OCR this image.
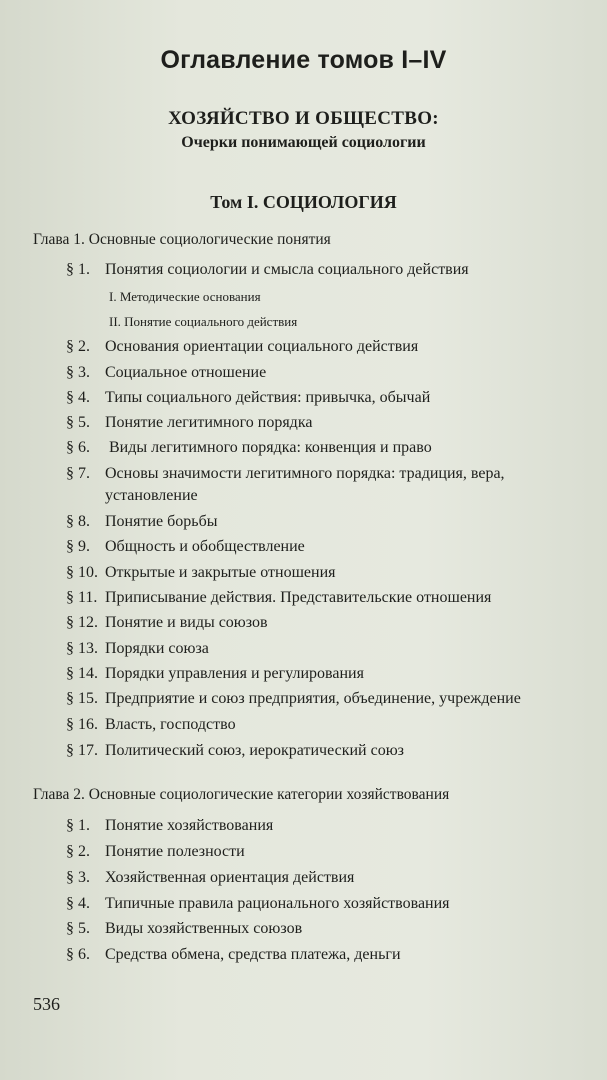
Оглавление томов I–IV
ХОЗЯЙСТВО И ОБЩЕСТВО:
Очерки понимающей социологии
Том I. СОЦИОЛОГИЯ
Глава 1. Основные социологические понятия
§ 1. Понятия социологии и смысла социального действия
I. Методические основания
II. Понятие социального действия
§ 2. Основания ориентации социального действия
§ 3. Социальное отношение
§ 4. Типы социального действия: привычка, обычай
§ 5. Понятие легитимного порядка
§ 6.	Виды легитимного порядка: конвенция и право
§ 7. Основы значимости легитимного порядка: традиция, вера, установление
§ 8. Понятие борьбы
§ 9. Общность и обобществление
§ 10. Открытые и закрытые отношения
§ 11. Приписывание действия. Представительские отношения
§ 12. Понятие и виды союзов
§ 13. Порядки союза
§ 14. Порядки управления и регулирования
§ 15. Предприятие и союз предприятия, объединение, учреждение
§ 16. Власть, господство
§ 17. Политический союз, иерократический союз
Глава 2. Основные социологические категории хозяйствования
§ 1. Понятие хозяйствования
§ 2. Понятие полезности
§ 3. Хозяйственная ориентация действия
§ 4. Типичные правила рационального хозяйствования
§ 5. Виды хозяйственных союзов
§ 6. Средства обмена, средства платежа, деньги
536
